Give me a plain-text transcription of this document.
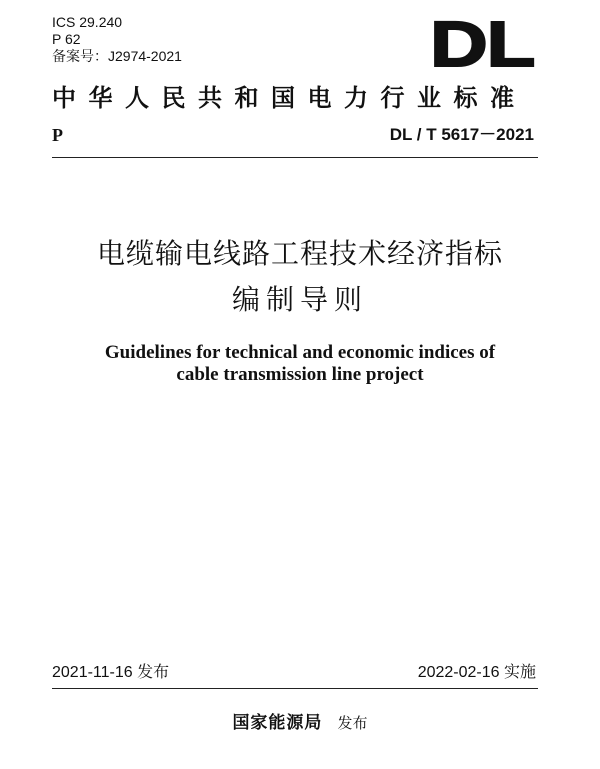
ICS 29.240
P 62
备案号：J2974-2021	DL
中华人民共和国电力行业标准
P	DL / T 5617－2021
电缆输电线路工程技术经济指标
编制导则
Guidelines for technical and economic indices of
cable transmission line project
2021-11-16 发布	2022-02-16 实施
国家能源局 发布
